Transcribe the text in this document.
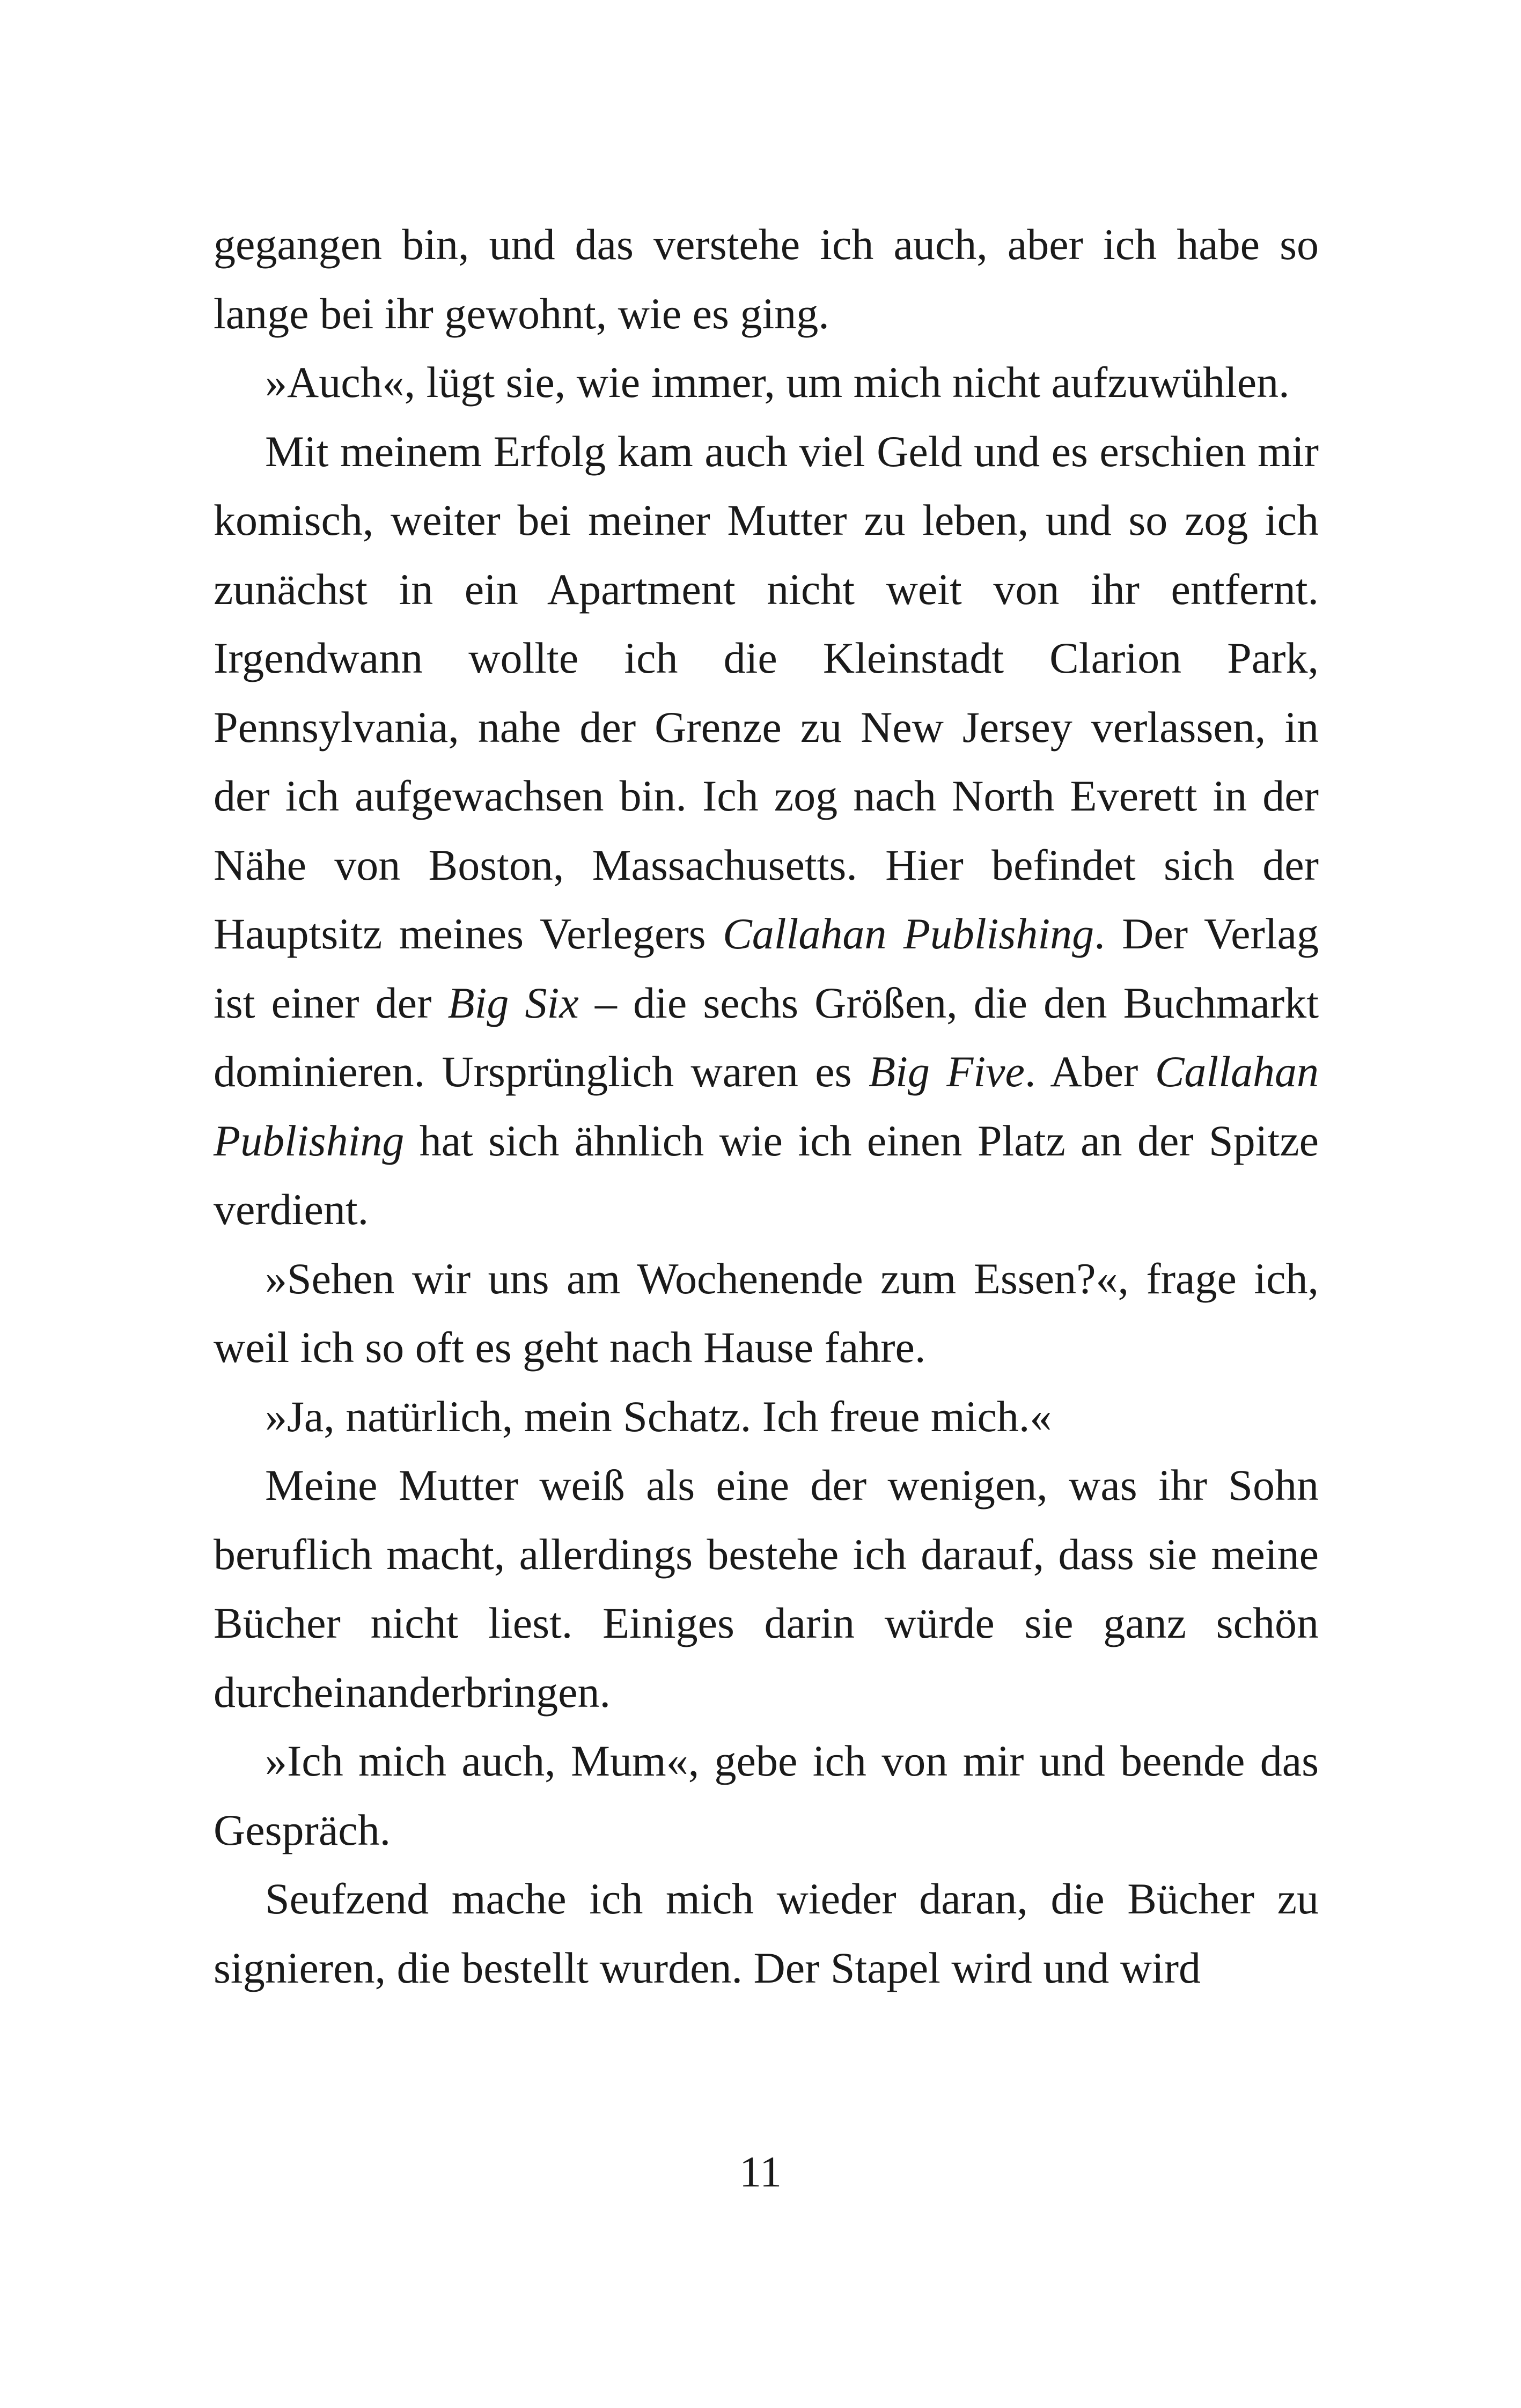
gegangen bin, und das verstehe ich auch, aber ich habe so lange bei ihr gewohnt, wie es ging.

»Auch«, lügt sie, wie immer, um mich nicht aufzuwühlen.

Mit meinem Erfolg kam auch viel Geld und es erschien mir komisch, weiter bei meiner Mutter zu leben, und so zog ich zunächst in ein Apartment nicht weit von ihr entfernt. Irgendwann wollte ich die Kleinstadt Clarion Park, Pennsylvania, nahe der Grenze zu New Jersey verlassen, in der ich aufgewachsen bin. Ich zog nach North Everett in der Nähe von Boston, Massachusetts. Hier befindet sich der Hauptsitz meines Verlegers Callahan Publishing. Der Verlag ist einer der Big Six – die sechs Größen, die den Buchmarkt dominieren. Ursprünglich waren es Big Five. Aber Callahan Publishing hat sich ähnlich wie ich einen Platz an der Spitze verdient.

»Sehen wir uns am Wochenende zum Essen?«, frage ich, weil ich so oft es geht nach Hause fahre.

»Ja, natürlich, mein Schatz. Ich freue mich.«

Meine Mutter weiß als eine der wenigen, was ihr Sohn beruflich macht, allerdings bestehe ich darauf, dass sie meine Bücher nicht liest. Einiges darin würde sie ganz schön durcheinanderbringen.

»Ich mich auch, Mum«, gebe ich von mir und beende das Gespräch.

Seufzend mache ich mich wieder daran, die Bücher zu signieren, die bestellt wurden. Der Stapel wird und wird

11
